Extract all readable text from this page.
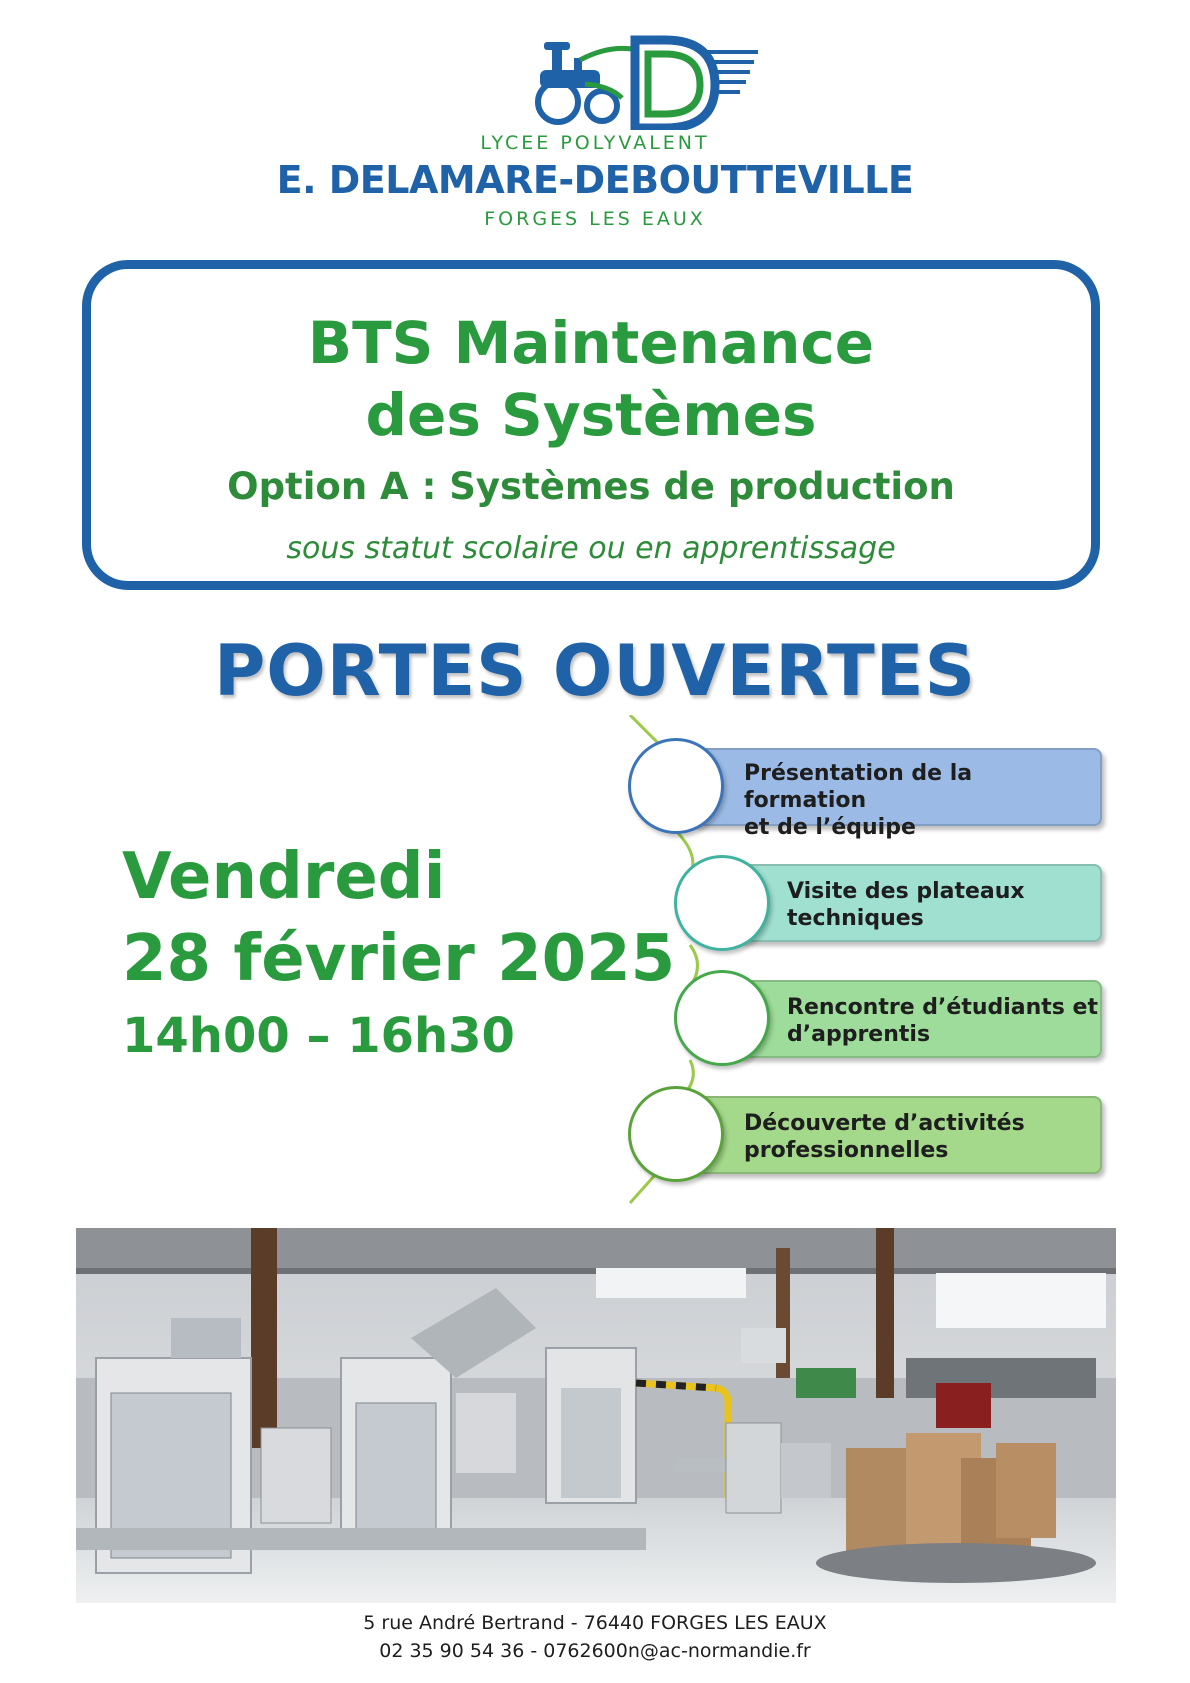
LYCEE POLYVALENT
E. DELAMARE-DEBOUTTEVILLE
FORGES LES EAUX
BTS Maintenance
des Systèmes
Option A : Systèmes de production
sous statut scolaire ou en apprentissage
PORTES OUVERTES
Vendredi
28 février 2025
14h00 – 16h30
Présentation de la formation
et de l’équipe
Visite des plateaux
techniques
Rencontre d’étudiants et
d’apprentis
Découverte d’activités
professionnelles
5 rue André Bertrand - 76440 FORGES LES EAUX
02 35 90 54 36 - 0762600n@ac-normandie.fr
